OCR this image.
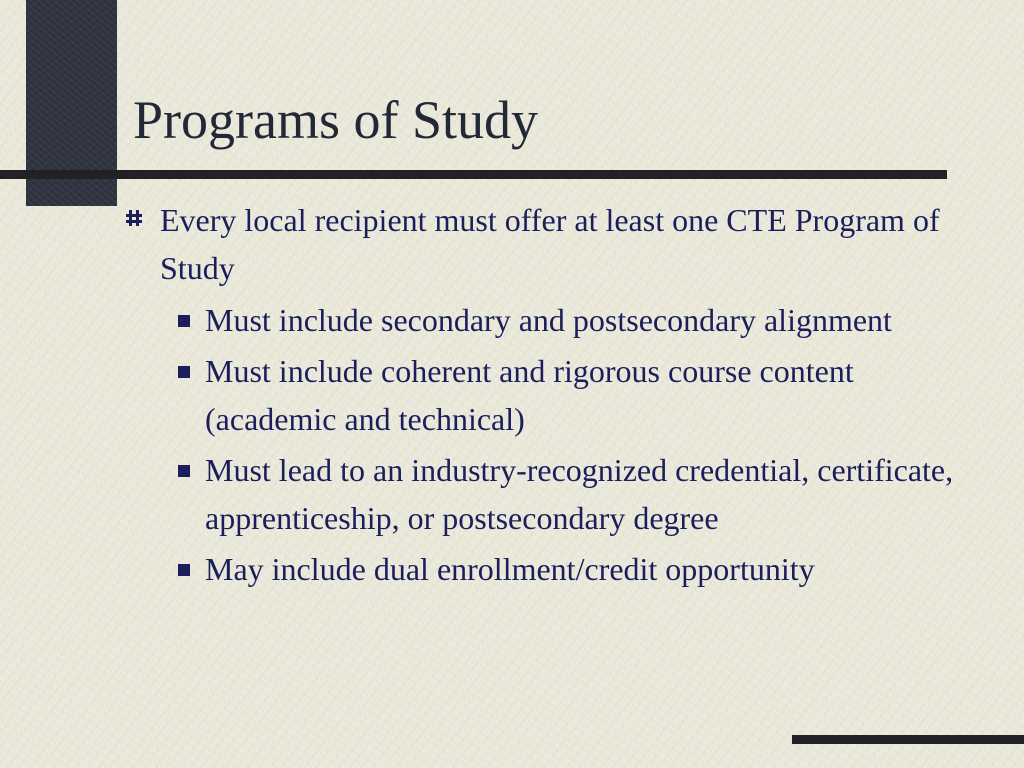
Programs of Study
Every local recipient must offer at least one CTE Program of Study
Must include secondary and postsecondary alignment
Must include coherent and rigorous course content (academic and technical)
Must lead to an industry-recognized credential, certificate, apprenticeship, or postsecondary degree
May include dual enrollment/credit opportunity
